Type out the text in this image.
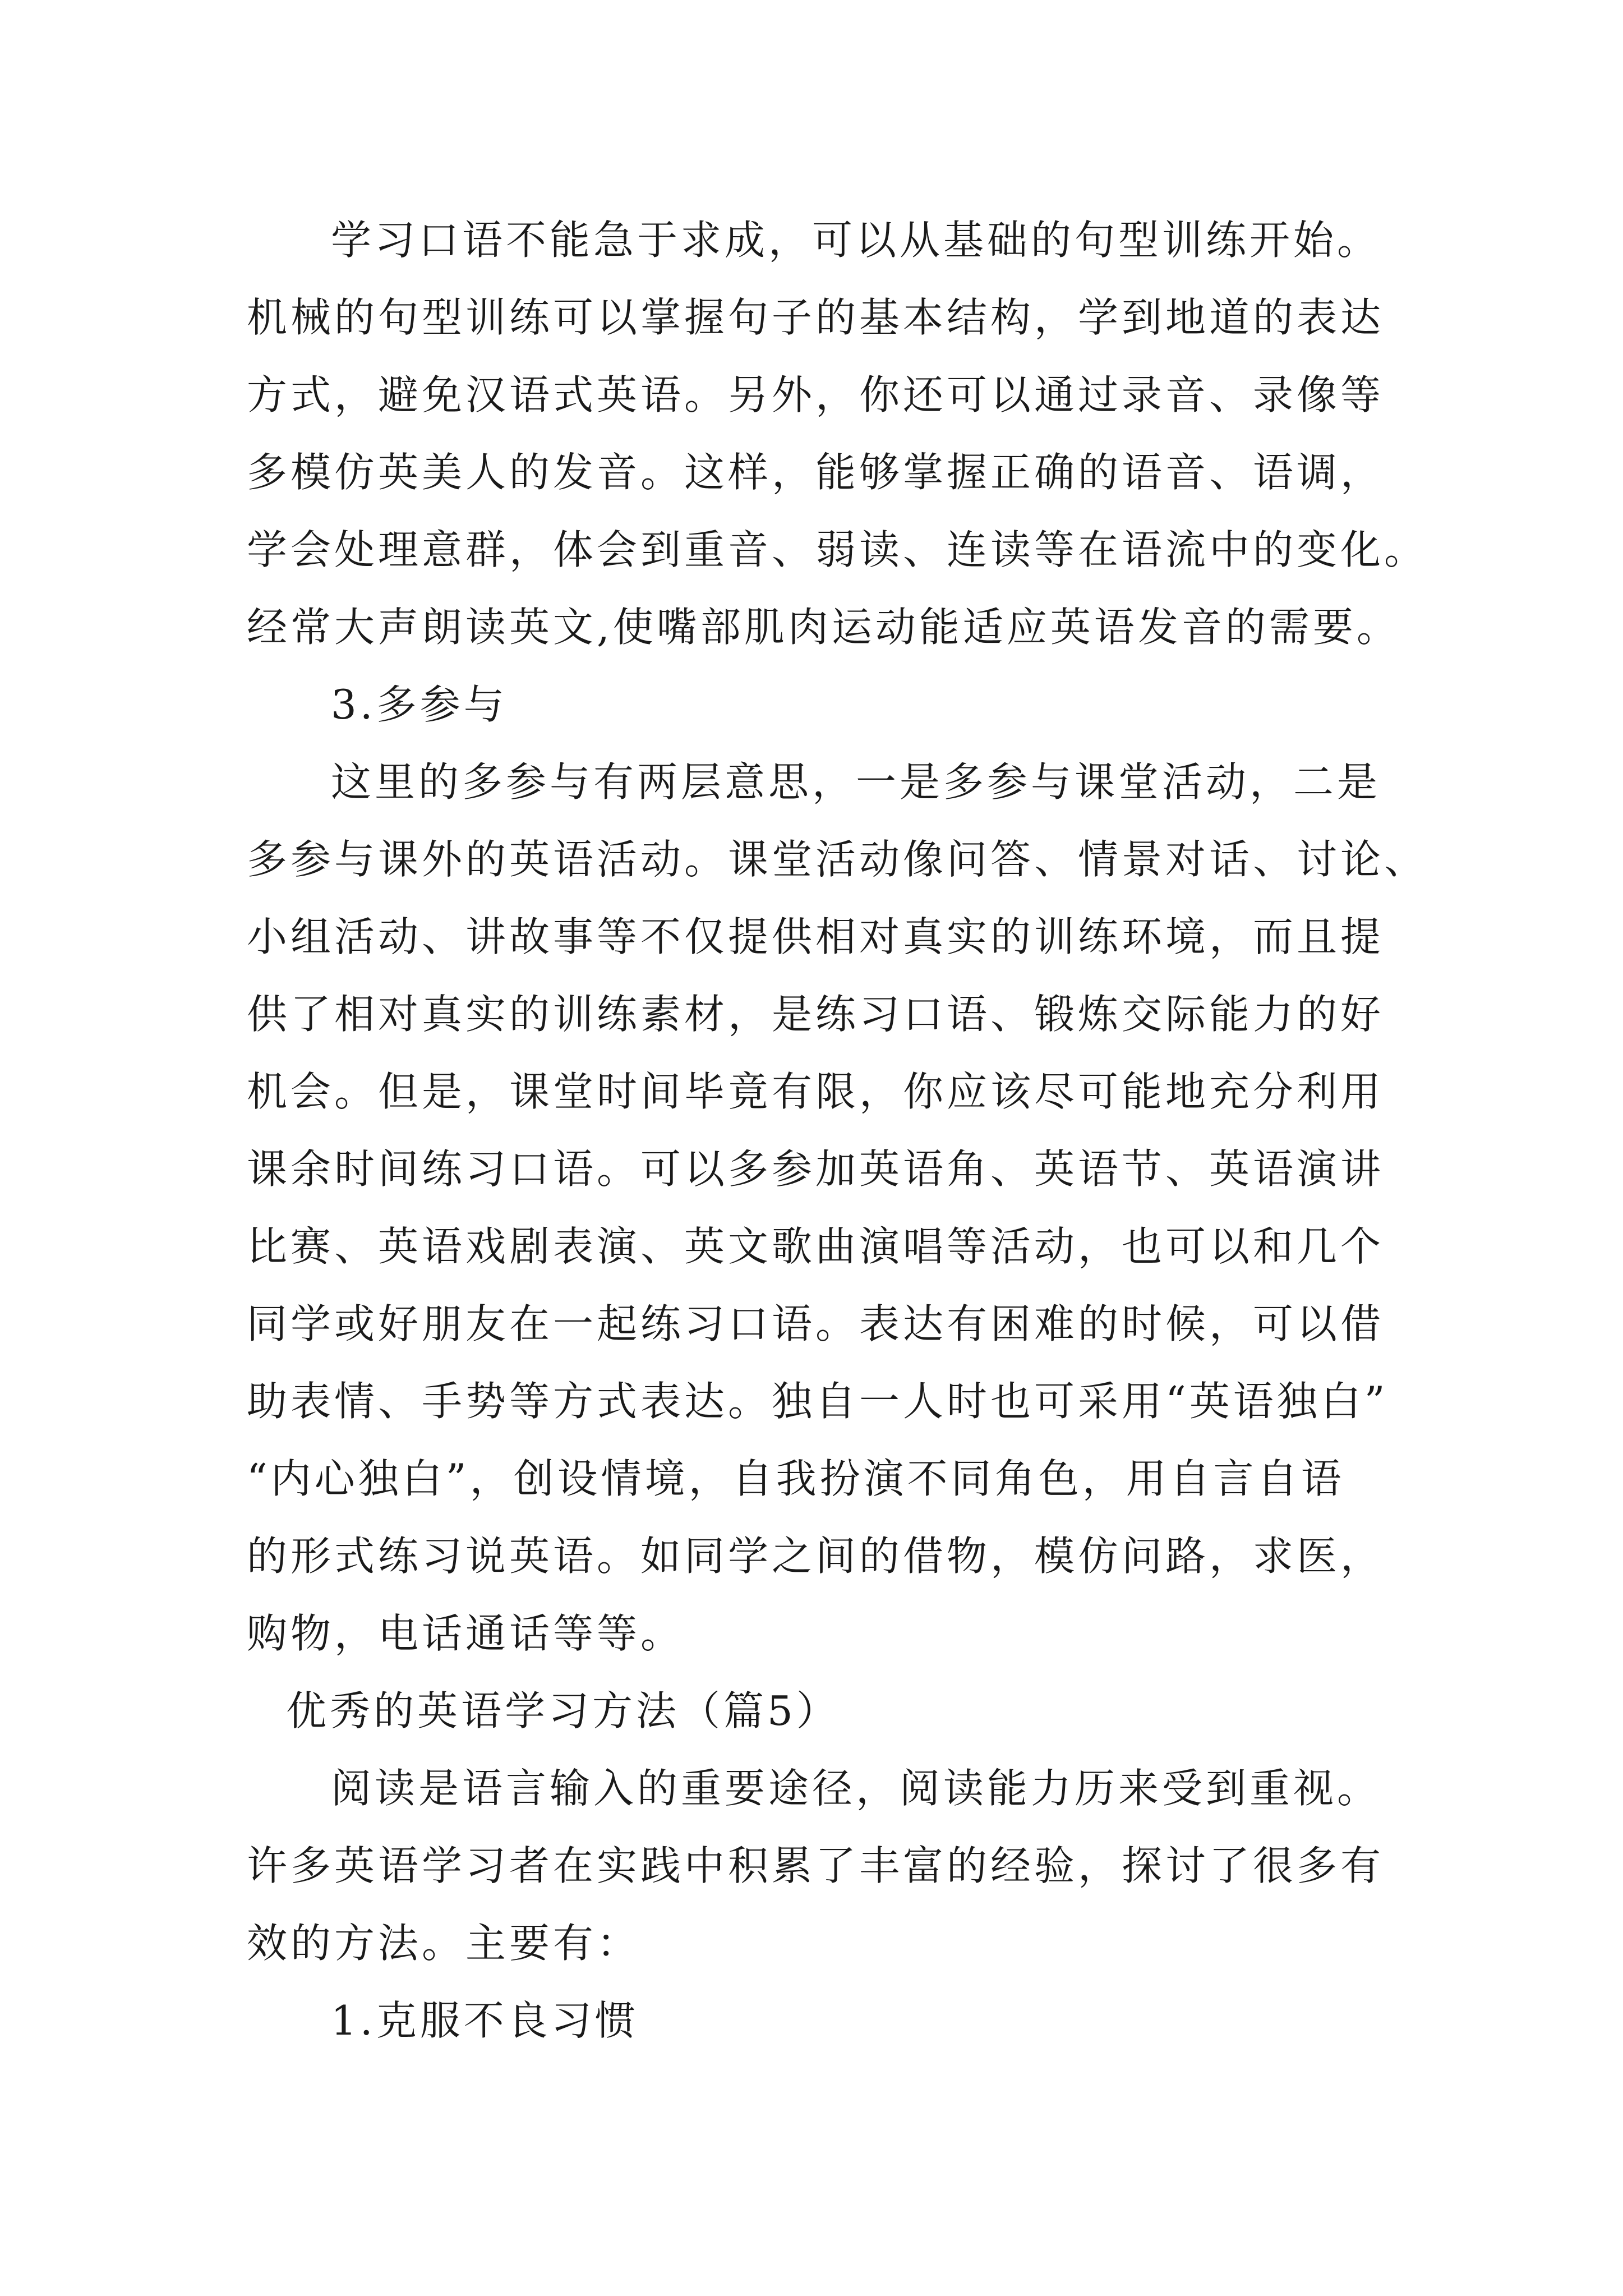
学习口语不能急于求成，可以从基础的句型训练开始。
机械的句型训练可以掌握句子的基本结构，学到地道的表达
方式，避免汉语式英语。另外，你还可以通过录音、录像等
多模仿英美人的发音。这样，能够掌握正确的语音、语调，
学会处理意群，体会到重音、弱读、连读等在语流中的变化。
经常大声朗读英文,使嘴部肌肉运动能适应英语发音的需要。
3.多参与
这里的多参与有两层意思，一是多参与课堂活动，二是
多参与课外的英语活动。课堂活动像问答、情景对话、讨论、
小组活动、讲故事等不仅提供相对真实的训练环境，而且提
供了相对真实的训练素材，是练习口语、锻炼交际能力的好
机会。但是，课堂时间毕竟有限，你应该尽可能地充分利用
课余时间练习口语。可以多参加英语角、英语节、英语演讲
比赛、英语戏剧表演、英文歌曲演唱等活动，也可以和几个
同学或好朋友在一起练习口语。表达有困难的时候，可以借
助表情、手势等方式表达。独自一人时也可采用“英语独白”
“内心独白”，创设情境，自我扮演不同角色，用自言自语
的形式练习说英语。如同学之间的借物，模仿问路，求医，
购物，电话通话等等。
优秀的英语学习方法（篇5）
阅读是语言输入的重要途径，阅读能力历来受到重视。
许多英语学习者在实践中积累了丰富的经验，探讨了很多有
效的方法。主要有：
1.克服不良习惯
